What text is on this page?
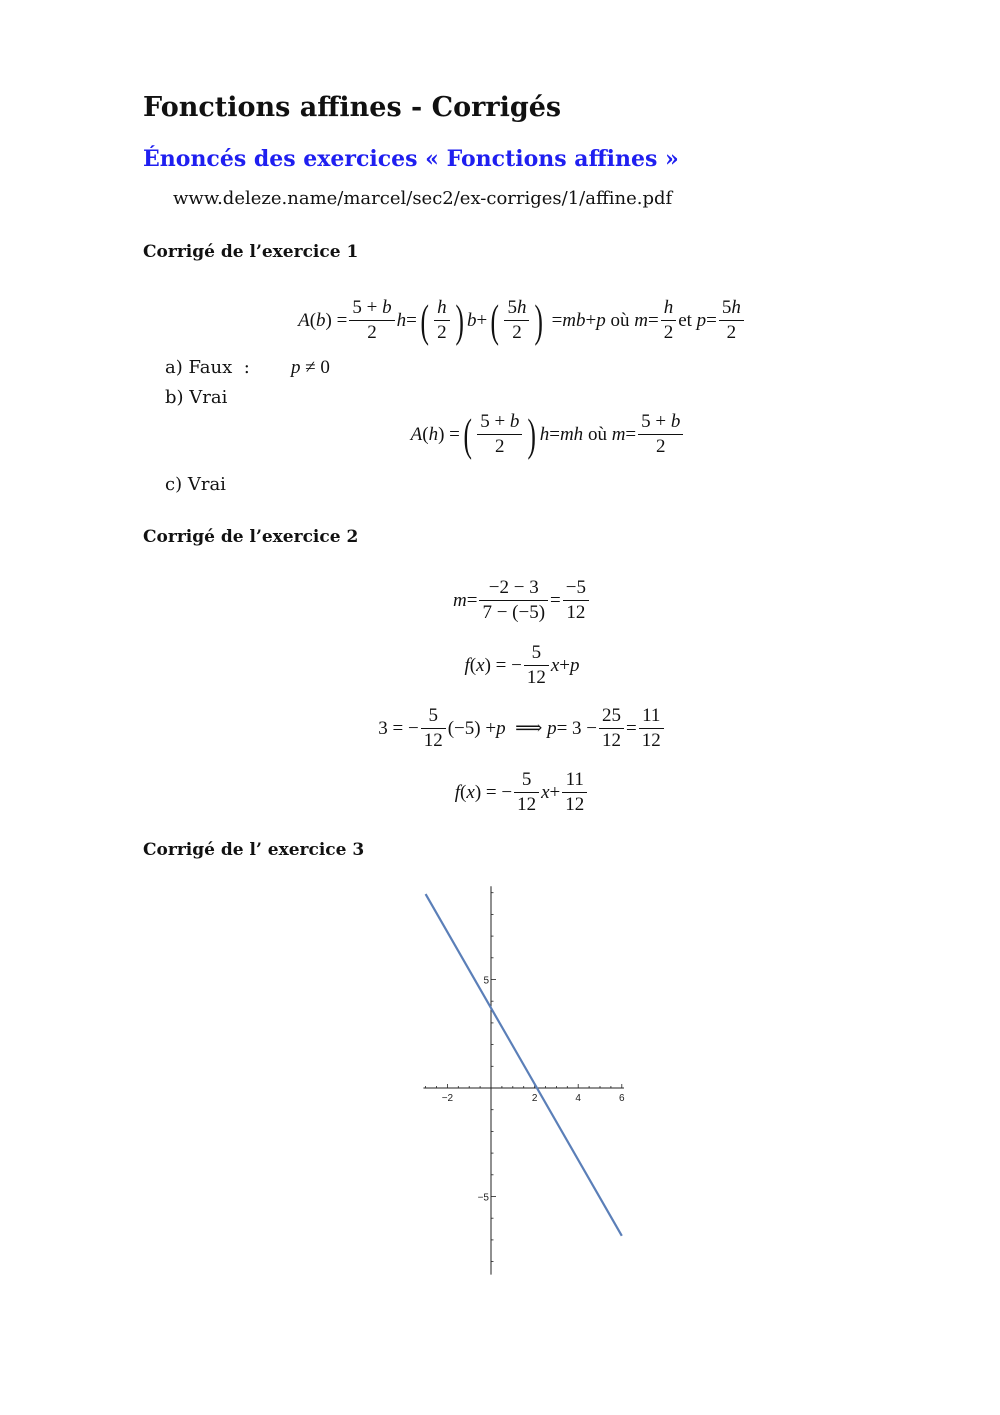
Fonctions affines - Corrigés
Énoncés des exercices « Fonctions affines »
www.deleze.name/marcel/sec2/ex-corriges/1/affine.pdf
Corrigé de l’exercice 1
A ( b ) = $\frac{5 + b}{2}$ h = ( $\frac{h}{2}$ ) b + ( $\frac{5h}{2}$ ) = mb + p
où
$m = \frac{h}{2}$ et
$p = \frac{5h}{2}$
a) Faux : p ≠ 0
b) Vrai
A ( h ) = ( $\frac{5 + b}{2}$ ) h = mh
où
$m = \frac{5 + b}{2}$
c) Vrai
Corrigé de l’exercice 2
$m = \frac{-2 - 3}{7 - (-5)} = \frac{-5}{12}$
f ( x ) = − $\frac{5}{12}$ x + p
3 = − $\frac{5}{12} (-5) + p$ ⟹ $p = 3 - \frac{25}{12} = \frac{11}{12}$
f ( x ) = − $\frac{5}{12}$ $x + \frac{11}{12}$
Corrigé de l’ exercice 3
−2	2	4	6
5
−5
